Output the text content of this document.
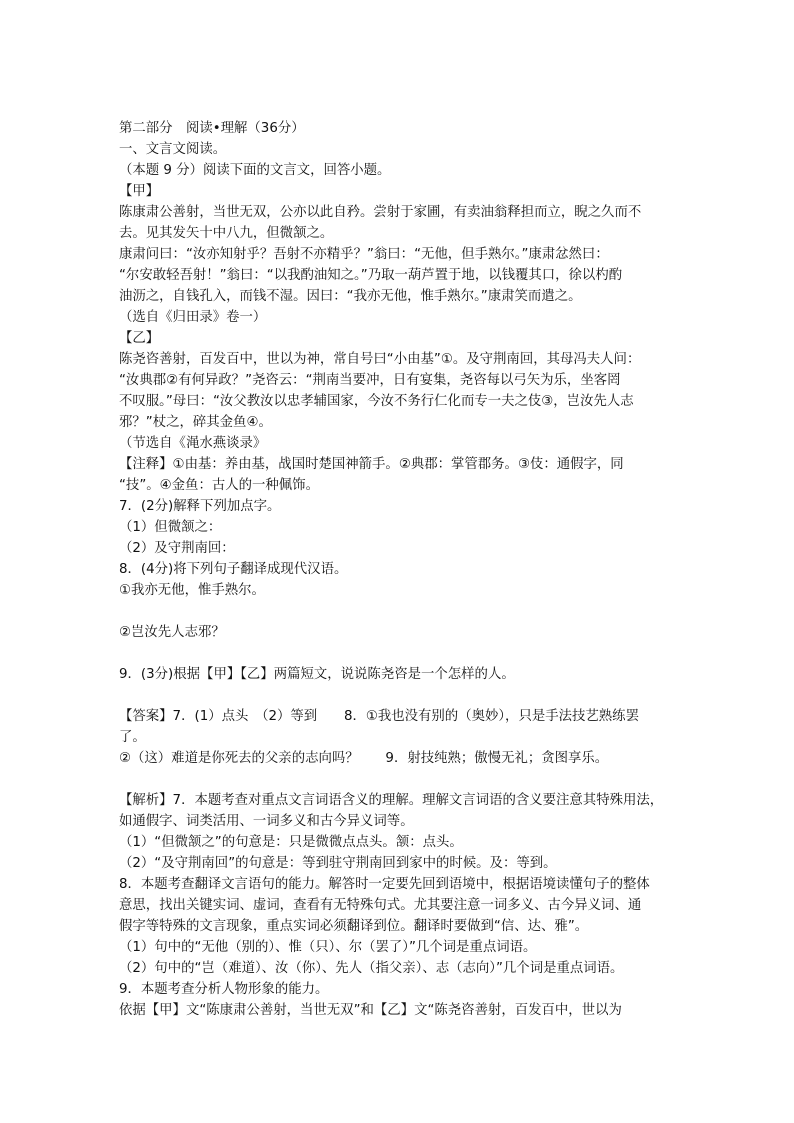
第二部分　阅读•理解（36分）
一、文言文阅读。
（本题 9 分）阅读下面的文言文，回答小题。
【甲】
陈康肃公善射，当世无双，公亦以此自矜。尝射于家圃，有卖油翁释担而立，睨之久而不
去。见其发矢十中八九，但微颔之。
康肃问曰：“汝亦知射乎？吾射不亦精乎？”翁曰：“无他，但手熟尔。”康肃忿然曰：
“尔安敢轻吾射！”翁曰：“以我酌油知之。”乃取一葫芦置于地，以钱覆其口，徐以杓酌
油沥之，自钱孔入，而钱不湿。因曰：“我亦无他，惟手熟尔。”康肃笑而遣之。
（选自《归田录》卷一）
【乙】
陈尧咨善射，百发百中，世以为神，常自号曰“小由基”①。及守荆南回，其母冯夫人问：
“汝典郡②有何异政？”尧咨云：“荆南当要冲，日有宴集，尧咨每以弓矢为乐，坐客罔
不叹服。”母曰：“汝父教汝以忠孝辅国家，今汝不务行仁化而专一夫之伎③，岂汝先人志
邪？”杖之，碎其金鱼④。
（节选自《渑水燕谈录》
【注释】①由基：养由基，战国时楚国神箭手。②典郡：掌管郡务。③伎：通假字，同
“技”。④金鱼：古人的一种佩饰。
7．(2分)解释下列加点字。
（1）但微颔之：
（2）及守荆南回：
8．(4分)将下列句子翻译成现代汉语。
①我亦无他，惟手熟尔。
②岂汝先人志邪？
9．(3分)根据【甲】【乙】两篇短文，说说陈尧咨是一个怎样的人。
【答案】7．(1）点头　（2）等到　　8．①我也没有别的（奥妙），只是手法技艺熟练罢
了。
②（这）难道是你死去的父亲的志向吗？　　9．射技纯熟；傲慢无礼；贪图享乐。
【解析】7．本题考查对重点文言词语含义的理解。理解文言词语的含义要注意其特殊用法，
如通假字、词类活用、一词多义和古今异义词等。
（1）“但微颔之”的句意是：只是微微点点头。颔：点头。
（2）“及守荆南回”的句意是：等到驻守荆南回到家中的时候。及：等到。
8．本题考查翻译文言语句的能力。解答时一定要先回到语境中，根据语境读懂句子的整体
意思，找出关键实词、虚词，查看有无特殊句式。尤其要注意一词多义、古今异义词、通
假字等特殊的文言现象，重点实词必须翻译到位。翻译时要做到“信、达、雅”。
（1）句中的“无他（别的）、惟（只）、尔（罢了）”几个词是重点词语。
（2）句中的“岂（难道）、汝（你）、先人（指父亲）、志（志向）”几个词是重点词语。
9．本题考查分析人物形象的能力。
依据【甲】文“陈康肃公善射，当世无双”和【乙】文“陈尧咨善射，百发百中，世以为
